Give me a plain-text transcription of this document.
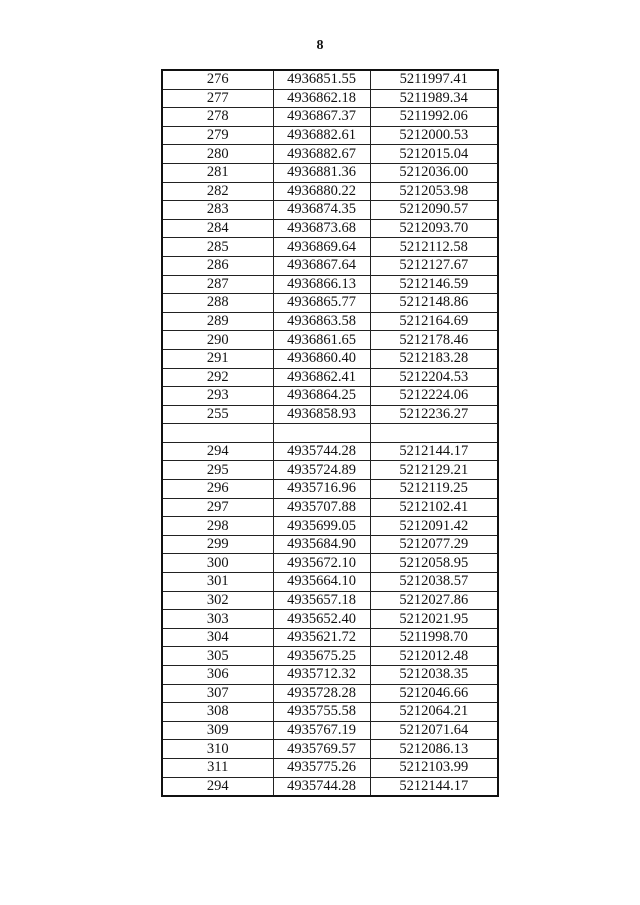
8
276	4936851.55	5211997.41
277	4936862.18	5211989.34
278	4936867.37	5211992.06
279	4936882.61	5212000.53
280	4936882.67	5212015.04
281	4936881.36	5212036.00
282	4936880.22	5212053.98
283	4936874.35	5212090.57
284	4936873.68	5212093.70
285	4936869.64	5212112.58
286	4936867.64	5212127.67
287	4936866.13	5212146.59
288	4936865.77	5212148.86
289	4936863.58	5212164.69
290	4936861.65	5212178.46
291	4936860.40	5212183.28
292	4936862.41	5212204.53
293	4936864.25	5212224.06
255	4936858.93	5212236.27

294	4935744.28	5212144.17
295	4935724.89	5212129.21
296	4935716.96	5212119.25
297	4935707.88	5212102.41
298	4935699.05	5212091.42
299	4935684.90	5212077.29
300	4935672.10	5212058.95
301	4935664.10	5212038.57
302	4935657.18	5212027.86
303	4935652.40	5212021.95
304	4935621.72	5211998.70
305	4935675.25	5212012.48
306	4935712.32	5212038.35
307	4935728.28	5212046.66
308	4935755.58	5212064.21
309	4935767.19	5212071.64
310	4935769.57	5212086.13
311	4935775.26	5212103.99
294	4935744.28	5212144.17
